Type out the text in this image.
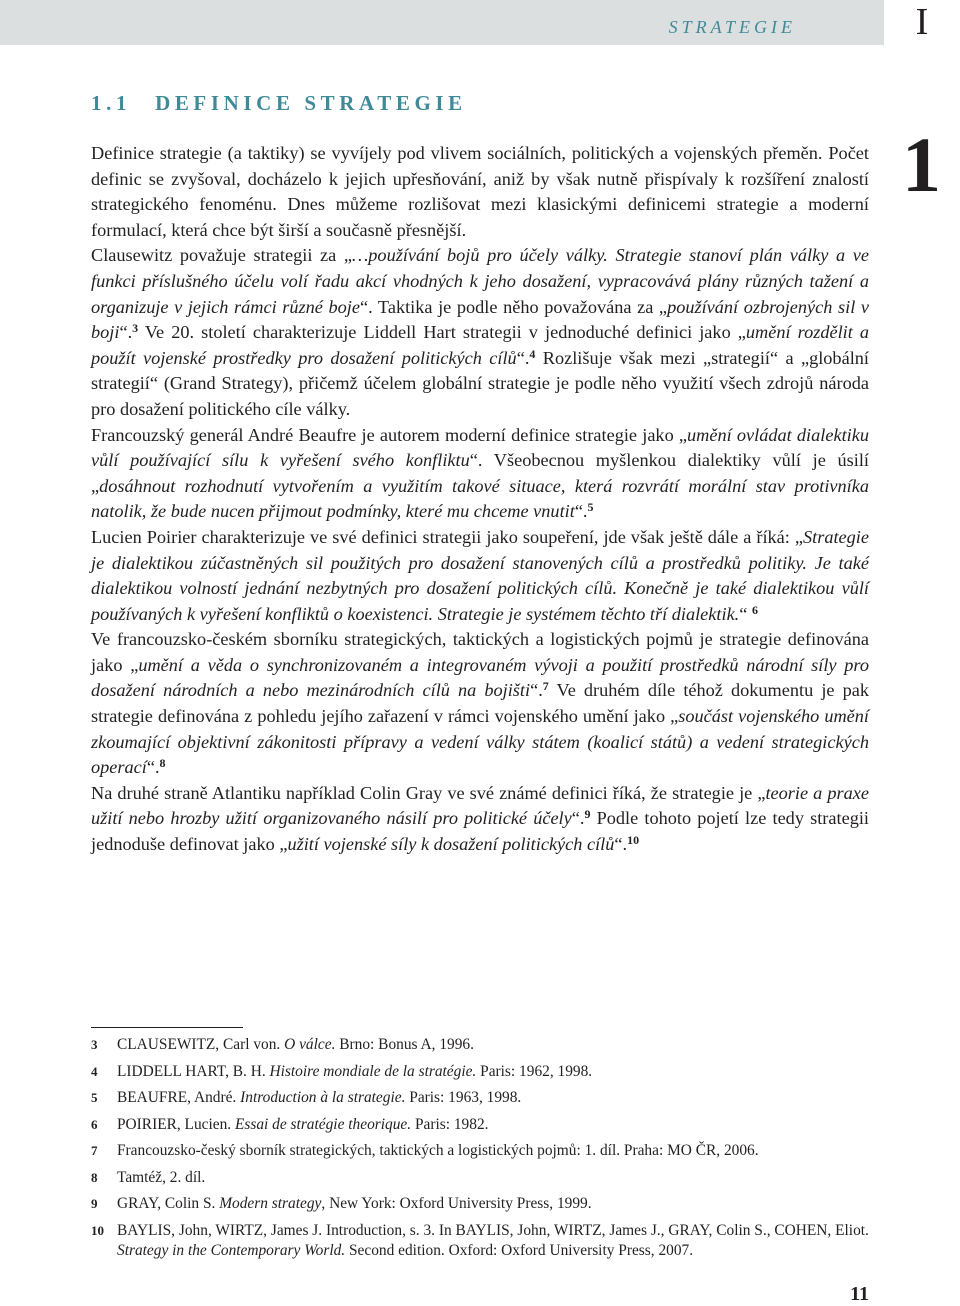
STRATEGIE	I
1
1.1 DEFINICE STRATEGIE

Definice strategie (a taktiky) se vyvíjely pod vlivem sociálních, politických a vojenských přeměn. Počet definic se zvyšoval, docházelo k jejich upřesňování, aniž by však nutně přispívaly k rozšíření znalostí strategického fenoménu. Dnes můžeme rozlišovat mezi klasickými definicemi strategie a moderní formulací, která chce být širší a současně přesnější.

Clausewitz považuje strategii za „…používání bojů pro účely války. Strategie stanoví plán války a ve funkci příslušného účelu volí řadu akcí vhodných k jeho dosažení, vypracovává plány různých tažení a organizuje v jejich rámci různé boje“. Taktika je podle něho považována za „používání ozbrojených sil v boji“.$^3$ Ve 20. století charakterizuje Liddell Hart strategii v jednoduché definici jako „umění rozdělit a použít vojenské prostředky pro dosažení politických cílů“.$^4$ Rozlišuje však mezi „strategií“ a „globální strategií“ (Grand Strategy), přičemž účelem globální strategie je podle něho využití všech zdrojů národa pro dosažení politického cíle války.

Francouzský generál André Beaufre je autorem moderní definice strategie jako „umění ovládat dialektiku vůlí používající sílu k vyřešení svého konfliktu“. Všeobecnou myšlenkou dialektiky vůlí je úsilí „dosáhnout rozhodnutí vytvořením a využitím takové situace, která rozvrátí morální stav protivníka natolik, že bude nucen přijmout podmínky, které mu chceme vnutit“.$^5$

Lucien Poirier charakterizuje ve své definici strategii jako soupeření, jde však ještě dále a říká: „Strategie je dialektikou zúčastněných sil použitých pro dosažení stanovených cílů a prostředků politiky. Je také dialektikou volností jednání nezbytných pro dosažení politických cílů. Konečně je také dialektikou vůlí používaných k vyřešení konfliktů o koexistenci. Strategie je systémem těchto tří dialektik.“ $^6$

Ve francouzsko-českém sborníku strategických, taktických a logistických pojmů je strategie definována jako „umění a věda o synchronizovaném a integrovaném vývoji a použití prostředků národní síly pro dosažení národních a nebo mezinárodních cílů na bojišti“.$^7$ Ve druhém díle téhož dokumentu je pak strategie definována z pohledu jejího zařazení v rámci vojenského umění jako „součást vojenského umění zkoumající objektivní zákonitosti přípravy a vedení války státem (koalicí států) a vedení strategických operací“.$^8$

Na druhé straně Atlantiku například Colin Gray ve své známé definici říká, že strategie je „teorie a praxe užití nebo hrozby užití organizovaného násilí pro politické účely“.$^9$ Podle tohoto pojetí lze tedy strategii jednoduše definovat jako „užití vojenské síly k dosažení politických cílů“.$^{10}$

3	CLAUSEWITZ, Carl von. O válce. Brno: Bonus A, 1996.
4	LIDDELL HART, B. H. Histoire mondiale de la stratégie. Paris: 1962, 1998.
5	BEAUFRE, André. Introduction à la strategie. Paris: 1963, 1998.
6	POIRIER, Lucien. Essai de stratégie theorique. Paris: 1982.
7	Francouzsko-český sborník strategických, taktických a logistických pojmů: 1. díl. Praha: MO ČR, 2006.
8	Tamtéž, 2. díl.
9	GRAY, Colin S. Modern strategy, New York: Oxford University Press, 1999.
10 BAYLIS, John, WIRTZ, James J. Introduction, s. 3. In BAYLIS, John, WIRTZ, James J., GRAY, Colin S., COHEN, Eliot. Strategy in the Contemporary World. Second edition. Oxford: Oxford University Press, 2007.
11
